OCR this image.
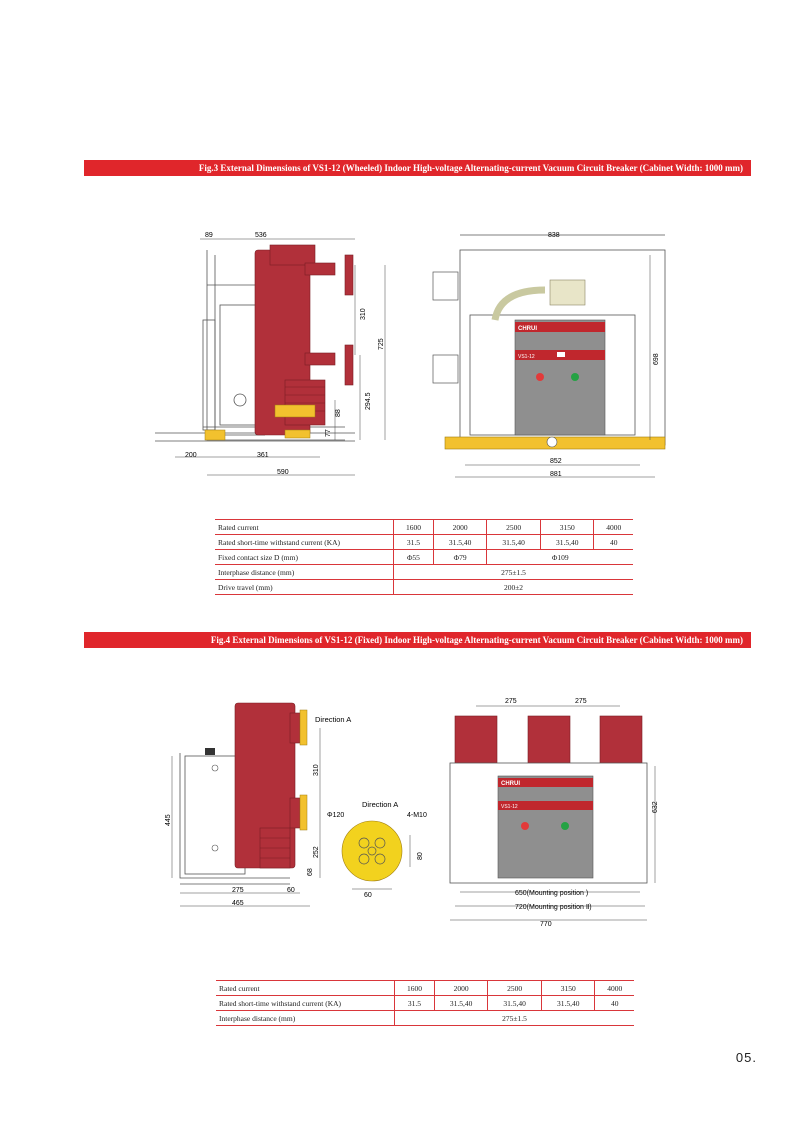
Fig.3 External Dimensions of VS1-12 (Wheeled) Indoor High-voltage Alternating-current Vacuum Circuit Breaker (Cabinet Width: 1000 mm)
89	536
310
725
294.5
88
77
200	361
590
CHRUI
VS1-12
838
698
852
881
Rated current	1600	2000	2500	3150	4000
Rated short-time withstand current (KA)	31.5	31.5,40	31.5,40	31.5,40	40
Fixed contact size D (mm)	Φ55	Φ79	Φ109		
Interphase distance (mm)	275±1.5				
Drive travel (mm)	200±2				
Fig.4 External Dimensions of VS1-12 (Fixed) Indoor High-voltage Alternating-current Vacuum Circuit Breaker (Cabinet Width: 1000 mm)
Direction A
310
445
252
68
275	60
465
Direction A
Φ120	4-M10
80
60
CHRUI
VS1-12
275	275
632
650(Mounting position )
720(Mounting position Ⅱ)
770
Rated current	1600	2000	2500	3150	4000
Rated short-time withstand current (KA)	31.5	31.5,40	31.5,40	31.5,40	40
Interphase distance (mm)	275±1.5				
05.
